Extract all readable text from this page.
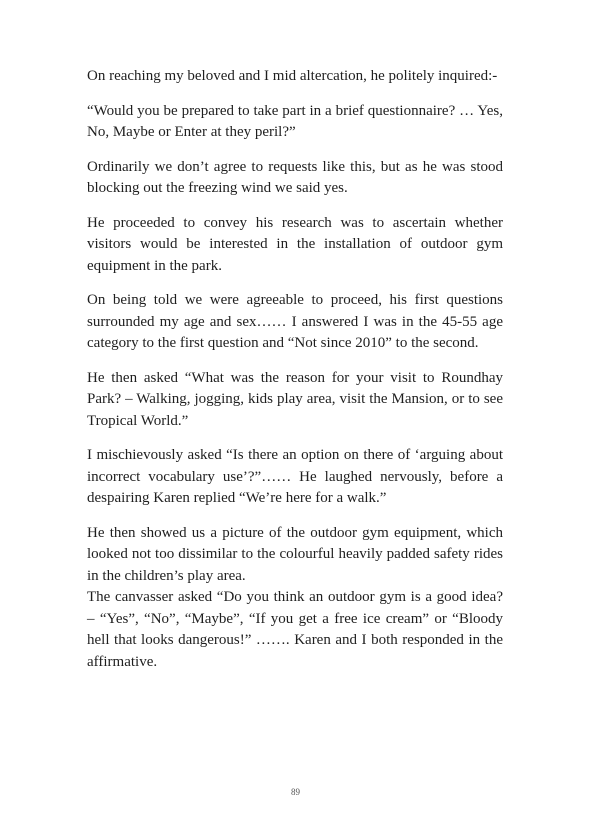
On reaching my beloved and I mid altercation, he politely inquired:-

“Would you be prepared to take part in a brief questionnaire? … Yes, No, Maybe or Enter at they peril?”

Ordinarily we don’t agree to requests like this, but as he was stood blocking out the freezing wind we said yes.

He proceeded to convey his research was to ascertain whether visitors would be interested in the installation of outdoor gym equipment in the park.

On being told we were agreeable to proceed, his first questions surrounded my age and sex…… I answered I was in the 45-55 age category to the first question and “Not since 2010” to the second.

He then asked “What was the reason for your visit to Roundhay Park? – Walking, jogging, kids play area, visit the Mansion, or to see Tropical World.”

I mischievously asked “Is there an option on there of ‘arguing about incorrect vocabulary use’?”…… He laughed nervously, before a despairing Karen replied “We’re here for a walk.”

He then showed us a picture of the outdoor gym equipment, which looked not too dissimilar to the colourful heavily padded safety rides in the children’s play area.

The canvasser asked “Do you think an outdoor gym is a good idea? – “Yes”, “No”, “Maybe”, “If you get a free ice cream” or “Bloody hell that looks dangerous!” ……. Karen and I both responded in the affirmative.

89
